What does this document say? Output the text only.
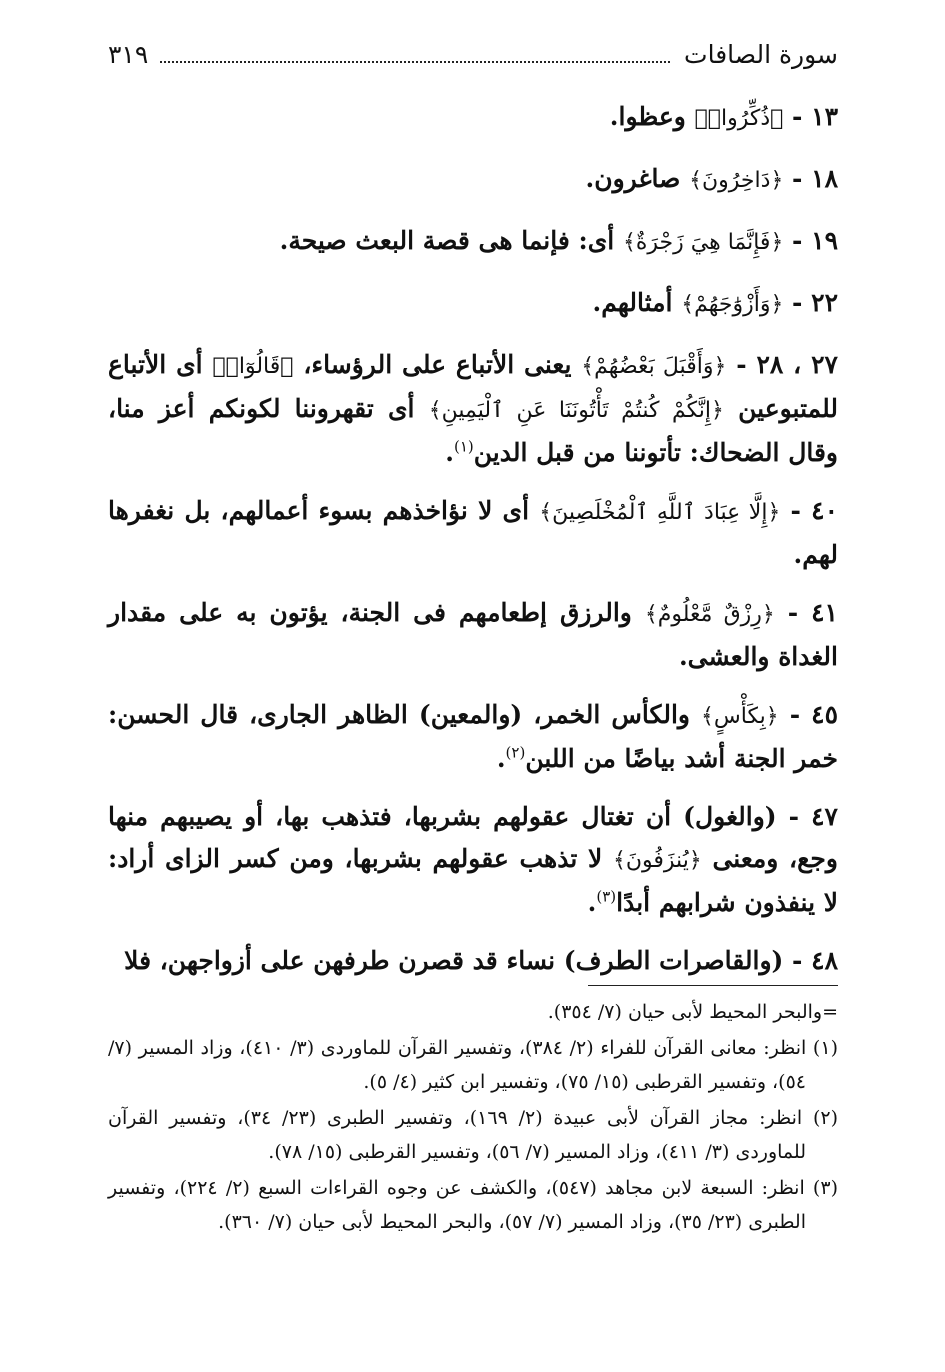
سورة الصافات
٣١٩

١٣ - ﴿ذُكِّرُوا۟﴾ وعظوا.

١٨ - ﴿دَاخِرُونَ﴾ صاغرون.

١٩ - ﴿فَإِنَّمَا هِيَ زَجْرَةٌ﴾ أى: فإنما هى قصة البعث صيحة.

٢٢ - ﴿وَأَزْوَٰجَهُمْ﴾ أمثالهم.

٢٧ ، ٢٨ - ﴿وَأَقْبَلَ بَعْضُهُمْ﴾ يعنى الأتباع على الرؤساء، ﴿قَالُوٓا۟﴾ أى الأتباع للمتبوعين ﴿إِنَّكُمْ كُنتُمْ تَأْتُونَنَا عَنِ ٱلْيَمِينِ﴾ أى تقهروننا لكونكم أعز منا، وقال الضحاك: تأتوننا من قبل الدين$^{(١)}$.

٤٠ - ﴿إِلَّا عِبَادَ ٱللَّهِ ٱلْمُخْلَصِينَ﴾ أى لا نؤاخذهم بسوء أعمالهم، بل نغفرها لهم.

٤١ - ﴿رِزْقٌ مَّعْلُومٌ﴾ والرزق إطعامهم فى الجنة، يؤتون به على مقدار الغداة والعشى.

٤٥ - ﴿بِكَأْسٍ﴾ والكأس الخمر، (والمعين) الظاهر الجارى، قال الحسن: خمر الجنة أشد بياضًا من اللبن$^{(٢)}$.

٤٧ - (والغول) أن تغتال عقولهم بشربها، فتذهب بها، أو يصيبهم منها وجع، ومعنى ﴿يُنزَفُونَ﴾ لا تذهب عقولهم بشربها، ومن كسر الزاى أراد: لا ينفذون شرابهم أبدًا$^{(٣)}$.

٤٨ - (والقاصرات الطرف) نساء قد قصرن طرفهن على أزواجهن، فلا

=والبحر المحيط لأبى حيان (٧/ ٣٥٤).

(١) انظر: معانى القرآن للفراء (٢/ ٣٨٤)، وتفسير القرآن للماوردى (٣/ ٤١٠)، وزاد المسير (٧/ ٥٤)، وتفسير القرطبى (١٥/ ٧٥)، وتفسير ابن كثير (٤/ ٥).

(٢) انظر: مجاز القرآن لأبى عبيدة (٢/ ١٦٩)، وتفسير الطبرى (٢٣/ ٣٤)، وتفسير القرآن للماوردى (٣/ ٤١١)، وزاد المسير (٧/ ٥٦)، وتفسير القرطبى (١٥/ ٧٨).

(٣) انظر: السبعة لابن مجاهد (٥٤٧)، والكشف عن وجوه القراءات السبع (٢/ ٢٢٤)، وتفسير الطبرى (٢٣/ ٣٥)، وزاد المسير (٧/ ٥٧)، والبحر المحيط لأبى حيان (٧/ ٣٦٠).
